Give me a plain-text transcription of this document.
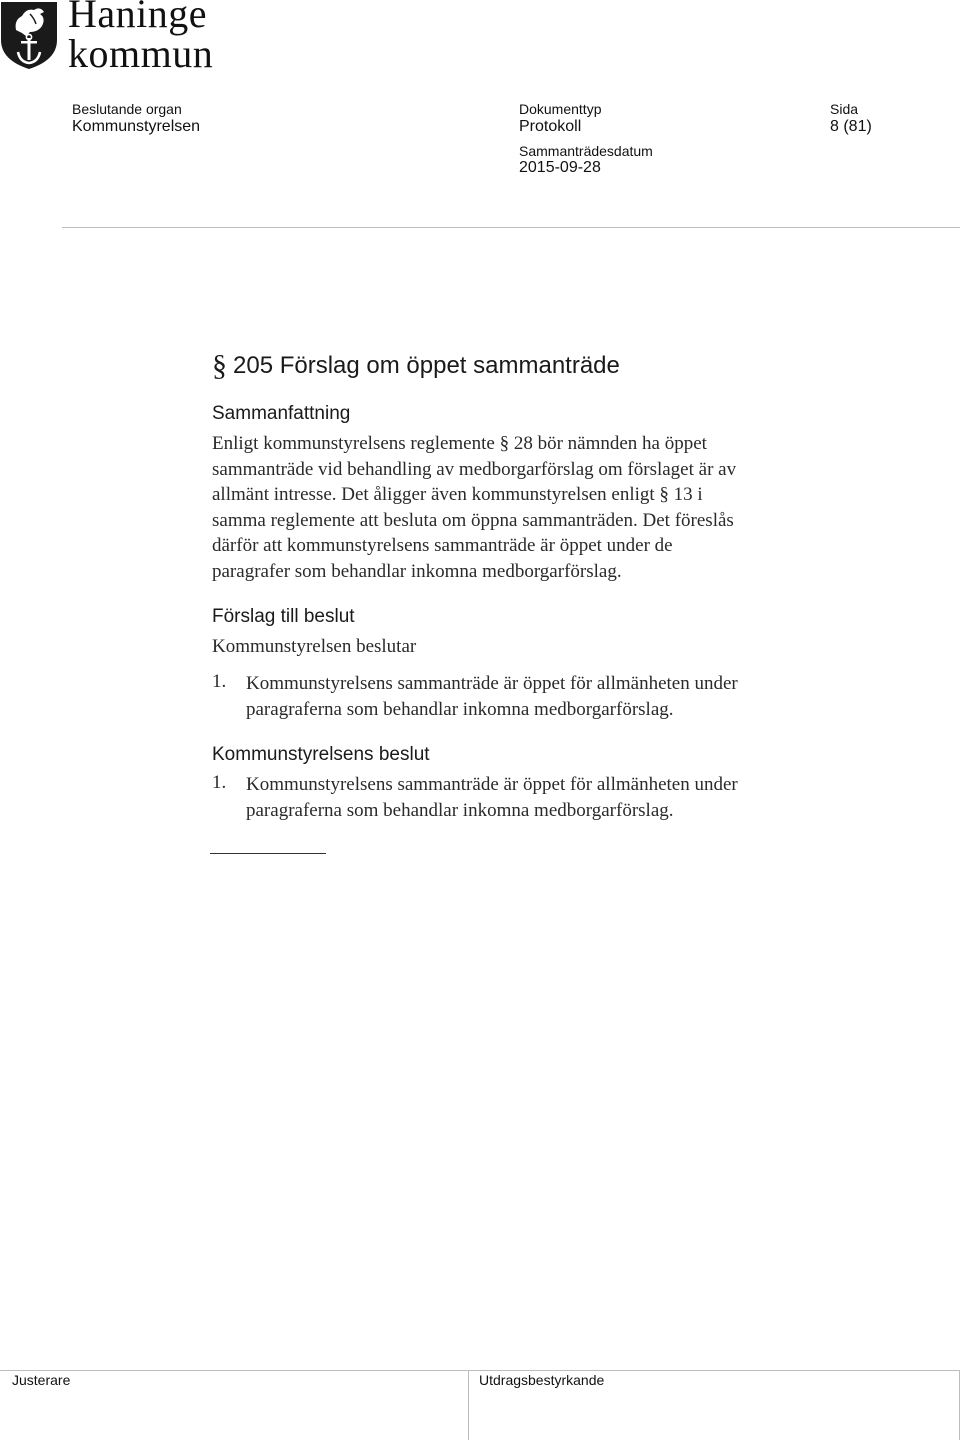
Haninge
kommun
Beslutande organ
Kommunstyrelsen
Dokumenttyp
Protokoll
Sida
8 (81)
Sammanträdesdatum
2015-09-28
§ 205 Förslag om öppet sammanträde
Sammanfattning
Enligt kommunstyrelsens reglemente § 28 bör nämnden ha öppet
sammanträde vid behandling av medborgarförslag om förslaget är av
allmänt intresse. Det åligger även kommunstyrelsen enligt § 13 i
samma reglemente att besluta om öppna sammanträden. Det föreslås
därför att kommunstyrelsens sammanträde är öppet under de
paragrafer som behandlar inkomna medborgarförslag.
Förslag till beslut
Kommunstyrelsen beslutar
1. Kommunstyrelsens sammanträde är öppet för allmänheten under
paragraferna som behandlar inkomna medborgarförslag.
Kommunstyrelsens beslut
1. Kommunstyrelsens sammanträde är öppet för allmänheten under
paragraferna som behandlar inkomna medborgarförslag.
Justerare	Utdragsbestyrkande
